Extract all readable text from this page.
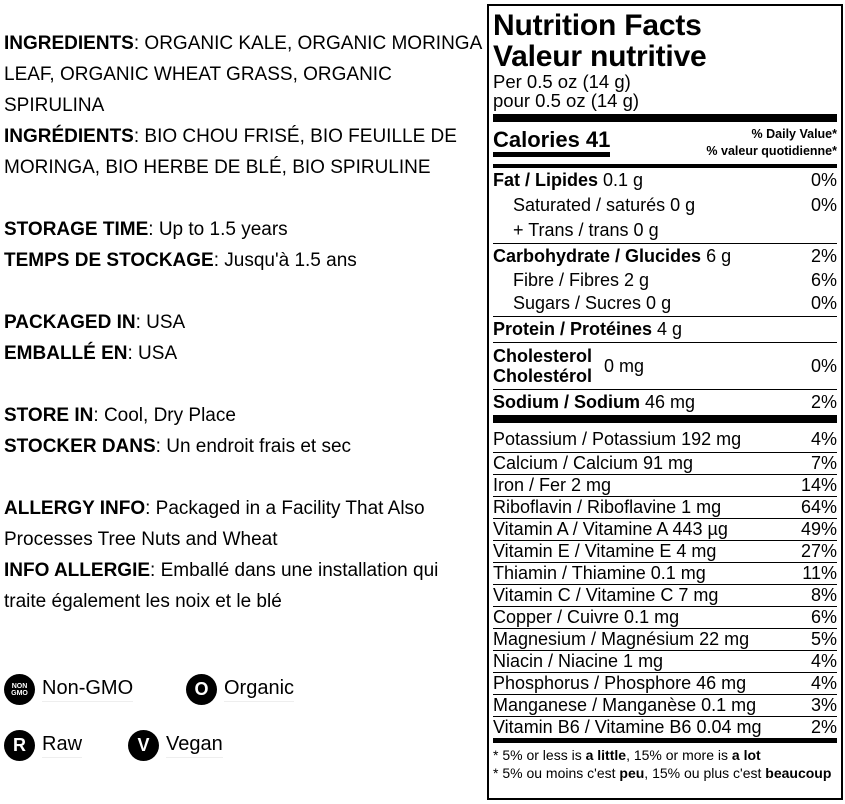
INGREDIENTS: ORGANIC KALE, ORGANIC MORINGA LEAF, ORGANIC WHEAT GRASS, ORGANIC SPIRULINA

INGRÉDIENTS: BIO CHOU FRISÉ, BIO FEUILLE DE MORINGA, BIO HERBE DE BLÉ, BIO SPIRULINE

STORAGE TIME: Up to 1.5 years

TEMPS DE STOCKAGE: Jusqu'à 1.5 ans

PACKAGED IN: USA

EMBALLÉ EN: USA

STORE IN: Cool, Dry Place

STOCKER DANS: Un endroit frais et sec

ALLERGY INFO: Packaged in a Facility That Also Processes Tree Nuts and Wheat

INFO ALLERGIE: Emballé dans une installation qui traite également les noix et le blé

NON
GMO Non-GMO	O Organic
R Raw	V Vegan
Nutrition Facts
Valeur nutritive
Per 0.5 oz (14 g)
pour 0.5 oz (14 g)
Calories 41	% Daily Value*
% valeur quotidienne*
Fat / Lipides 0.1 g	0%
Saturated / saturés 0 g	0%
+ Trans / trans 0 g
Carbohydrate / Glucides 6 g	2%
Fibre / Fibres 2 g	6%
Sugars / Sucres 0 g	0%
Protein / Protéines 4 g
Cholesterol
Cholestérol
0 mg	0%
Sodium / Sodium 46 mg	2%
Potassium / Potassium 192 mg	4%
Calcium / Calcium 91 mg	7%
Iron / Fer 2 mg	14%
Riboflavin / Riboflavine 1 mg	64%
Vitamin A / Vitamine A 443 µg	49%
Vitamin E / Vitamine E 4 mg	27%
Thiamin / Thiamine 0.1 mg	11%
Vitamin C / Vitamine C 7 mg	8%
Copper / Cuivre 0.1 mg	6%
Magnesium / Magnésium 22 mg	5%
Niacin / Niacine 1 mg	4%
Phosphorus / Phosphore 46 mg	4%
Manganese / Manganèse 0.1 mg	3%
Vitamin B6 / Vitamine B6 0.04 mg	2%
* 5% or less is a little, 15% or more is a lot
* 5% ou moins c'est peu, 15% ou plus c'est beaucoup
